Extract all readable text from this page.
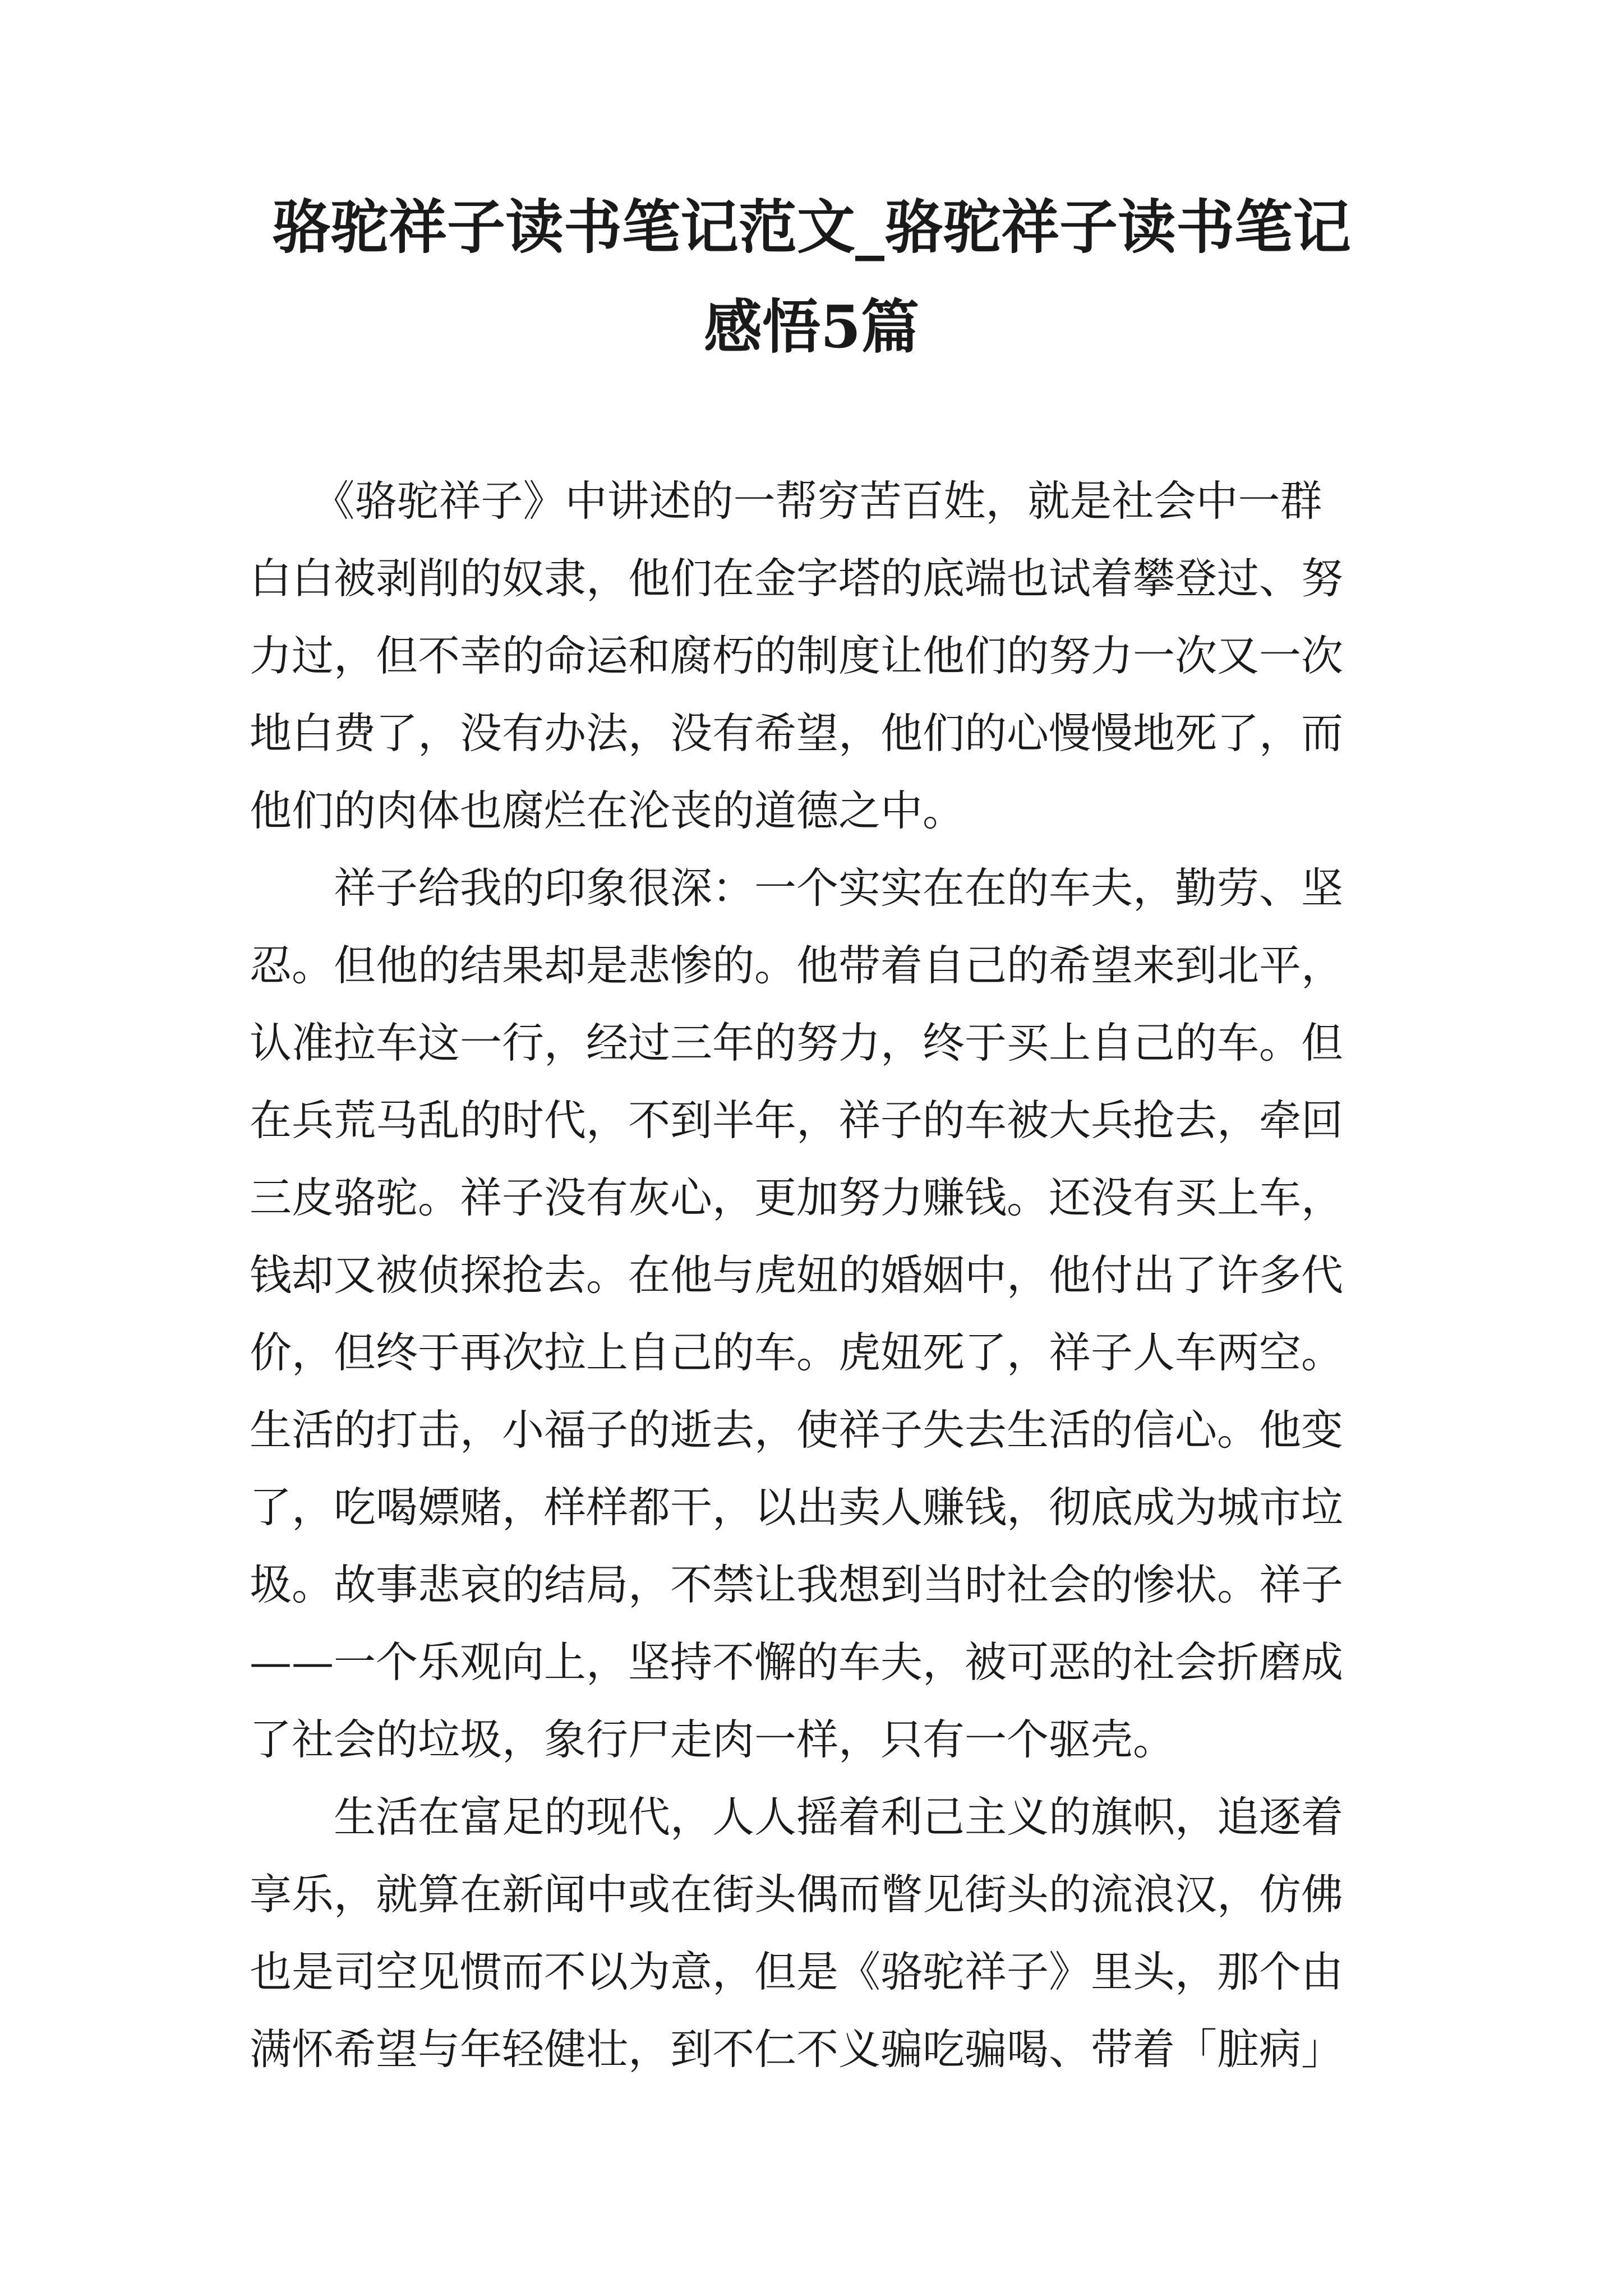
骆驼祥子读书笔记范文_骆驼祥子读书笔记
感悟5篇
　　《骆驼祥子》中讲述的一帮穷苦百姓，就是社会中一群
白白被剥削的奴隶，他们在金字塔的底端也试着攀登过、努
力过，但不幸的命运和腐朽的制度让他们的努力一次又一次
地白费了，没有办法，没有希望，他们的心慢慢地死了，而
他们的肉体也腐烂在沦丧的道德之中。
　　祥子给我的印象很深：一个实实在在的车夫，勤劳、坚
忍。但他的结果却是悲惨的。他带着自己的希望来到北平，
认准拉车这一行，经过三年的努力，终于买上自己的车。但
在兵荒马乱的时代，不到半年，祥子的车被大兵抢去，牵回
三皮骆驼。祥子没有灰心，更加努力赚钱。还没有买上车，
钱却又被侦探抢去。在他与虎妞的婚姻中，他付出了许多代
价，但终于再次拉上自己的车。虎妞死了，祥子人车两空。
生活的打击，小福子的逝去，使祥子失去生活的信心。他变
了，吃喝嫖赌，样样都干，以出卖人赚钱，彻底成为城市垃
圾。故事悲哀的结局，不禁让我想到当时社会的惨状。祥子
——一个乐观向上，坚持不懈的车夫，被可恶的社会折磨成
了社会的垃圾，象行尸走肉一样，只有一个驱壳。
　　生活在富足的现代，人人摇着利己主义的旗帜，追逐着
享乐，就算在新闻中或在街头偶而瞥见街头的流浪汉，仿佛
也是司空见惯而不以为意，但是《骆驼祥子》里头，那个由
满怀希望与年轻健壮，到不仁不义骗吃骗喝、带着「脏病」
